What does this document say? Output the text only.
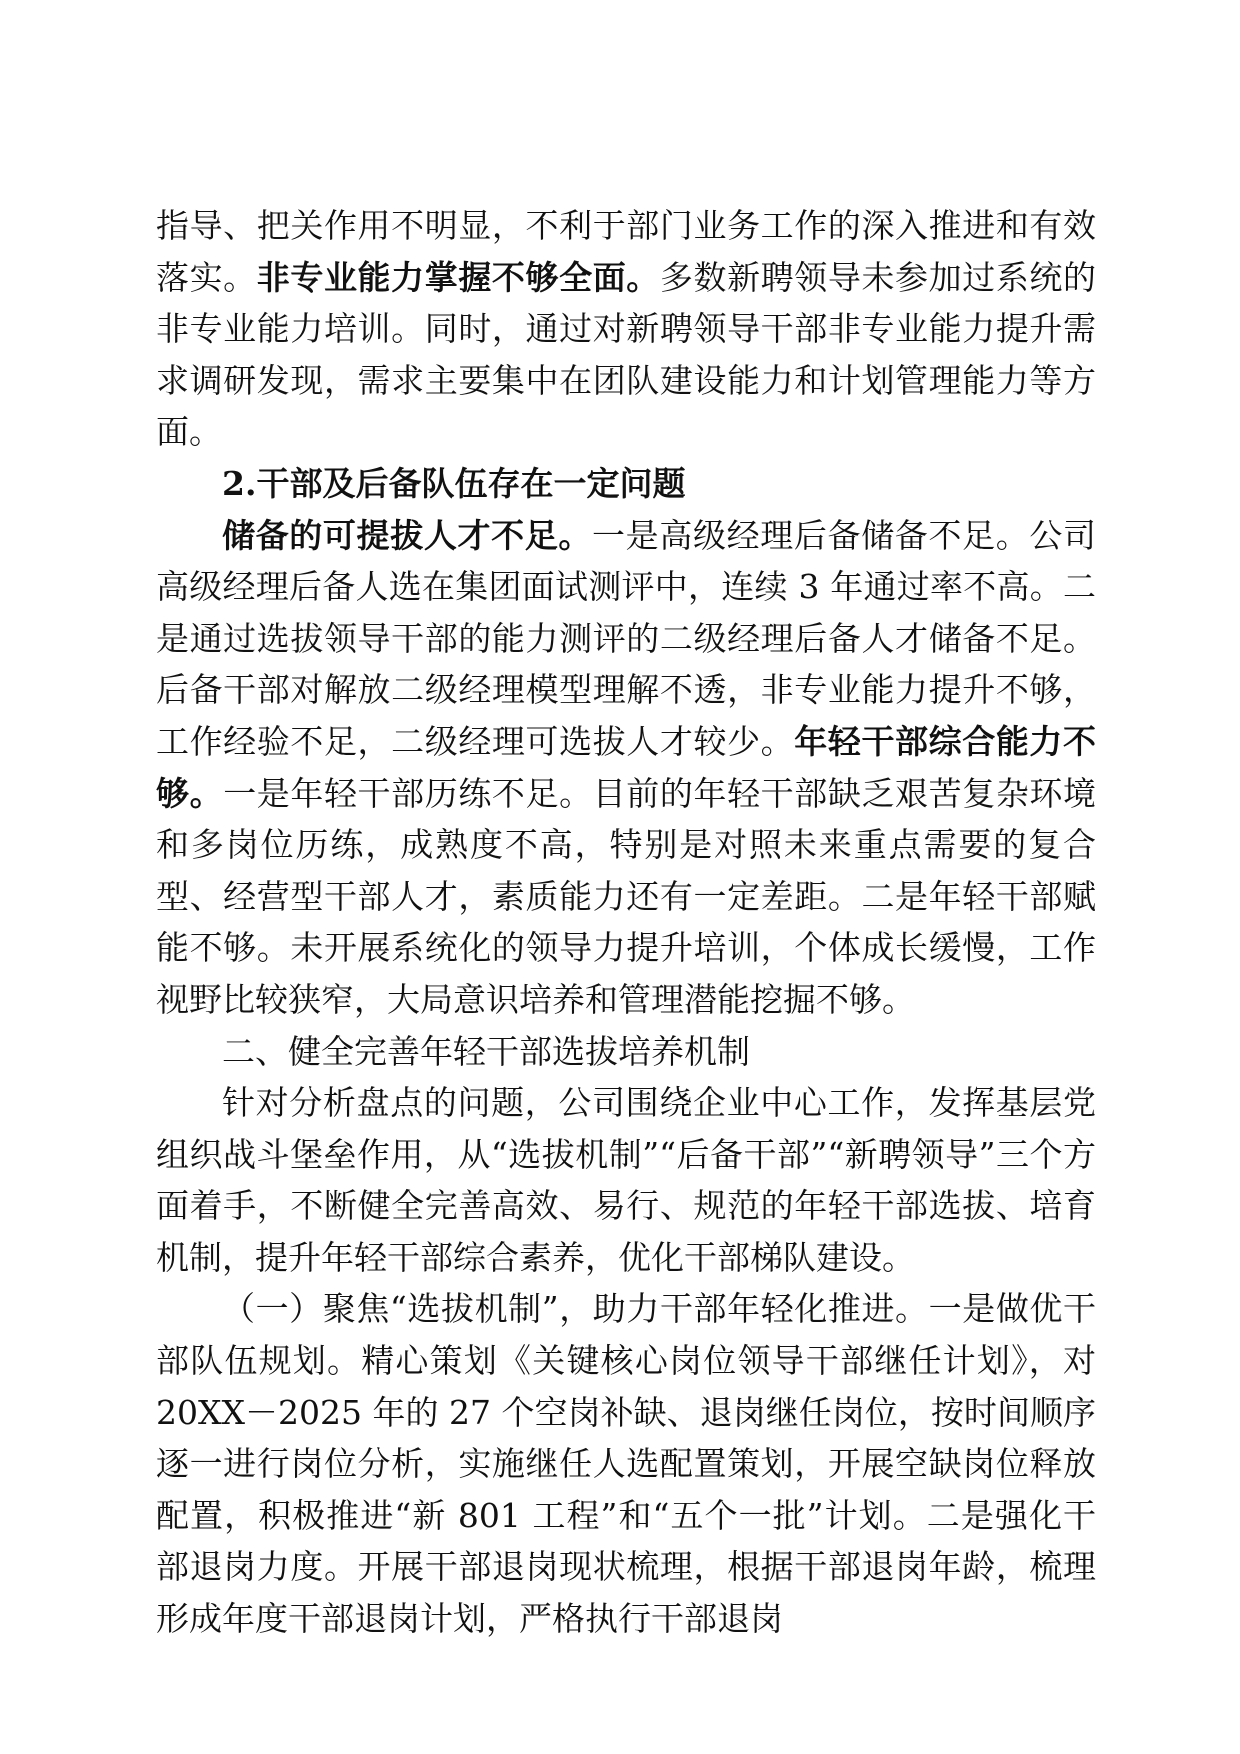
指导、把关作用不明显，不利于部门业务工作的深入推进和有效落实。非专业能力掌握不够全面。多数新聘领导未参加过系统的非专业能力培训。同时，通过对新聘领导干部非专业能力提升需求调研发现，需求主要集中在团队建设能力和计划管理能力等方面。

2.干部及后备队伍存在一定问题

储备的可提拔人才不足。一是高级经理后备储备不足。公司高级经理后备人选在集团面试测评中，连续 3 年通过率不高。二是通过选拔领导干部的能力测评的二级经理后备人才储备不足。后备干部对解放二级经理模型理解不透，非专业能力提升不够，工作经验不足，二级经理可选拔人才较少。年轻干部综合能力不够。一是年轻干部历练不足。目前的年轻干部缺乏艰苦复杂环境和多岗位历练，成熟度不高，特别是对照未来重点需要的复合型、经营型干部人才，素质能力还有一定差距。二是年轻干部赋能不够。未开展系统化的领导力提升培训，个体成长缓慢，工作视野比较狭窄，大局意识培养和管理潜能挖掘不够。

二、健全完善年轻干部选拔培养机制

针对分析盘点的问题，公司围绕企业中心工作，发挥基层党组织战斗堡垒作用，从“选拔机制”“后备干部”“新聘领导”三个方面着手，不断健全完善高效、易行、规范的年轻干部选拔、培育机制，提升年轻干部综合素养，优化干部梯队建设。

（一）聚焦“选拔机制”，助力干部年轻化推进。一是做优干部队伍规划。精心策划《关键核心岗位领导干部继任计划》，对 20XX－2025 年的 27 个空岗补缺、退岗继任岗位，按时间顺序逐一进行岗位分析，实施继任人选配置策划，开展空缺岗位释放配置，积极推进“新 801 工程”和“五个一批”计划。二是强化干部退岗力度。开展干部退岗现状梳理，根据干部退岗年龄，梳理形成年度干部退岗计划，严格执行干部退岗
